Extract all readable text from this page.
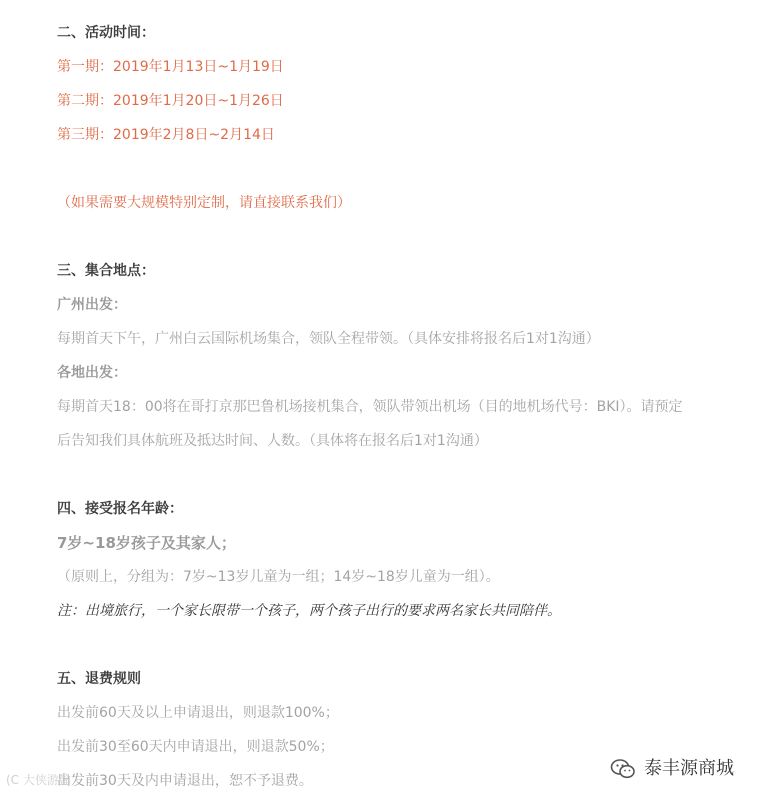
二、活动时间：
第一期：2019年1月13日~1月19日
第二期：2019年1月20日~1月26日
第三期：2019年2月8日~2月14日
（如果需要大规模特别定制，请直接联系我们）
三、集合地点：
广州出发：
每期首天下午，广州白云国际机场集合，领队全程带领。（具体安排将报名后1对1沟通）
各地出发：
每期首天18：00将在哥打京那巴鲁机场接机集合，领队带领出机场（目的地机场代号：BKI）。请预定
后告知我们具体航班及抵达时间、人数。（具体将在报名后1对1沟通）
四、接受报名年龄：
7岁~18岁孩子及其家人；
（原则上，分组为：7岁~13岁儿童为一组；14岁~18岁儿童为一组）。
注：出境旅行，一个家长限带一个孩子，两个孩子出行的要求两名家长共同陪伴。
五、退费规则
出发前60天及以上申请退出，则退款100%；
出发前30至60天内申请退出，则退款50%；
出发前30天及内申请退出，恕不予退费。
(C 大侠游翰
泰丰源商城
